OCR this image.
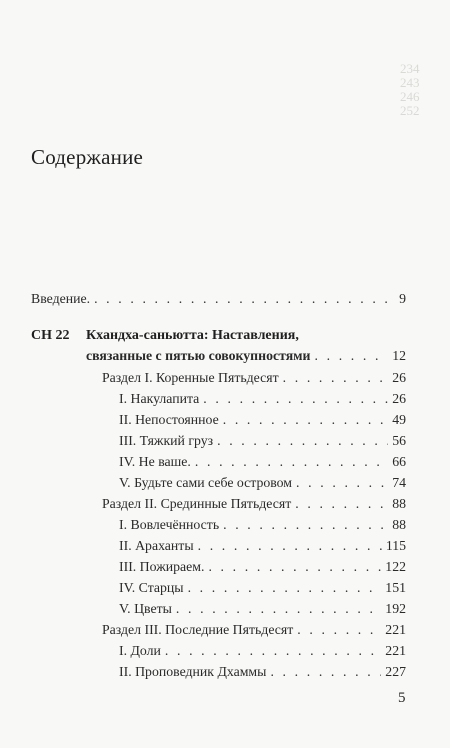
234
243
246
252
Содержание
Введение. . . .	9
СН 22 Кхандха-саньютта: Наставления,
связанные с пятью совокупностями . . .	12
Раздел I. Коренные Пятьдесят . . .	26
I. Накулапита . . .	26
II. Непостоянное . . .	49
III. Тяжкий груз . . .	56
IV. Не ваше. . . .	66
V. Будьте сами себе островом . . .	74
Раздел II. Срединные Пятьдесят . . .	88
I. Вовлечённость . . .	88
II. Араханты . . .	115
III. Пожираем. . . .	122
IV. Старцы . . .	151
V. Цветы . . .	192
Раздел III. Последние Пятьдесят . . .	221
I. Доли . . .	221
II. Проповедник Дхаммы . . .	227
5
